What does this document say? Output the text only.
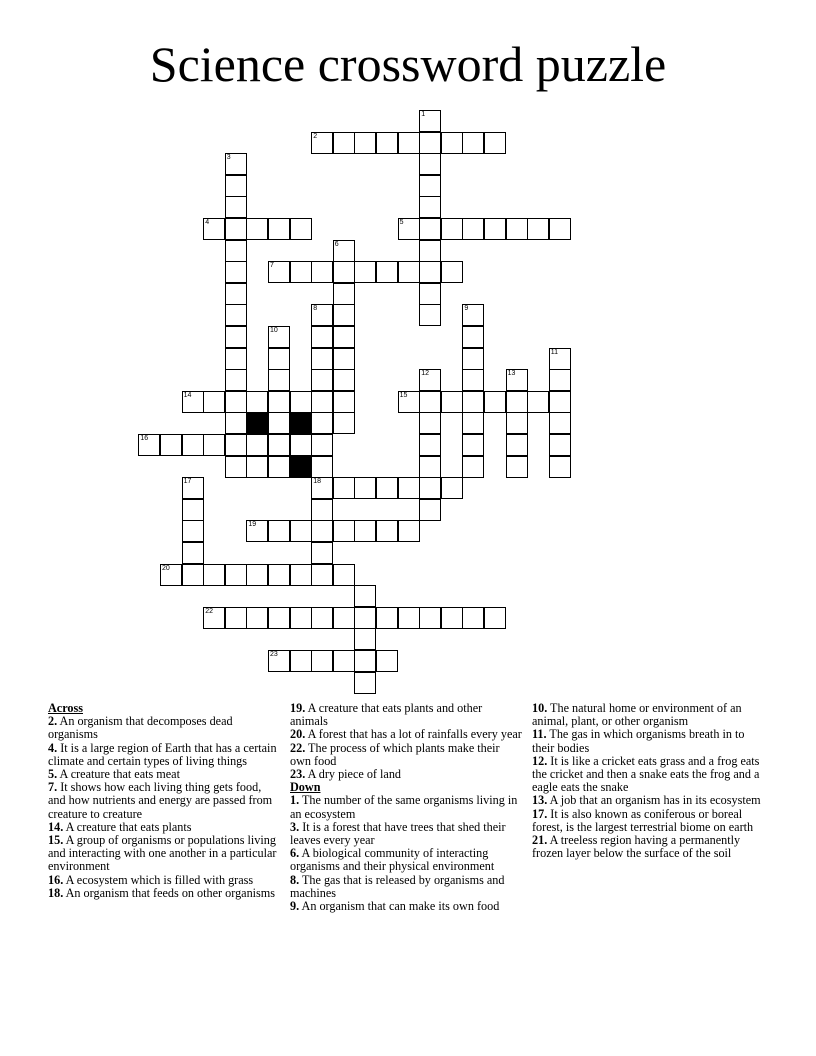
Science crossword puzzle
1
2
3
4	5
6
7
8	9
10
11
12	13
14	15
16
17	18
19
20
22
23
Across
2. An organism that decomposes dead organisms
4. It is a large region of Earth that has a certain climate and certain types of living things
5. A creature that eats meat
7. It shows how each living thing gets food, and how nutrients and energy are passed from creature to creature
14. A creature that eats plants
15. A group of organisms or populations living and interacting with one another in a particular environment
16. A ecosystem which is filled with grass
18. An organism that feeds on other organisms
19. A creature that eats plants and other animals
20. A forest that has a lot of rainfalls every year
22. The process of which plants make their own food
23. A dry piece of land
Down
1. The number of the same organisms living in an ecosystem
3. It is a forest that have trees that shed their leaves every year
6. A biological community of interacting organisms and their physical environment
8. The gas that is released by organisms and machines
9. An organism that can make its own food
10. The natural home or environment of an animal, plant, or other organism
11. The gas in which organisms breath in to their bodies
12. It is like a cricket eats grass and a frog eats the cricket and then a snake eats the frog and a eagle eats the snake
13. A job that an organism has in its ecosystem
17. It is also known as coniferous or boreal forest, is the largest terrestrial biome on earth
21. A treeless region having a permanently frozen layer below the surface of the soil
